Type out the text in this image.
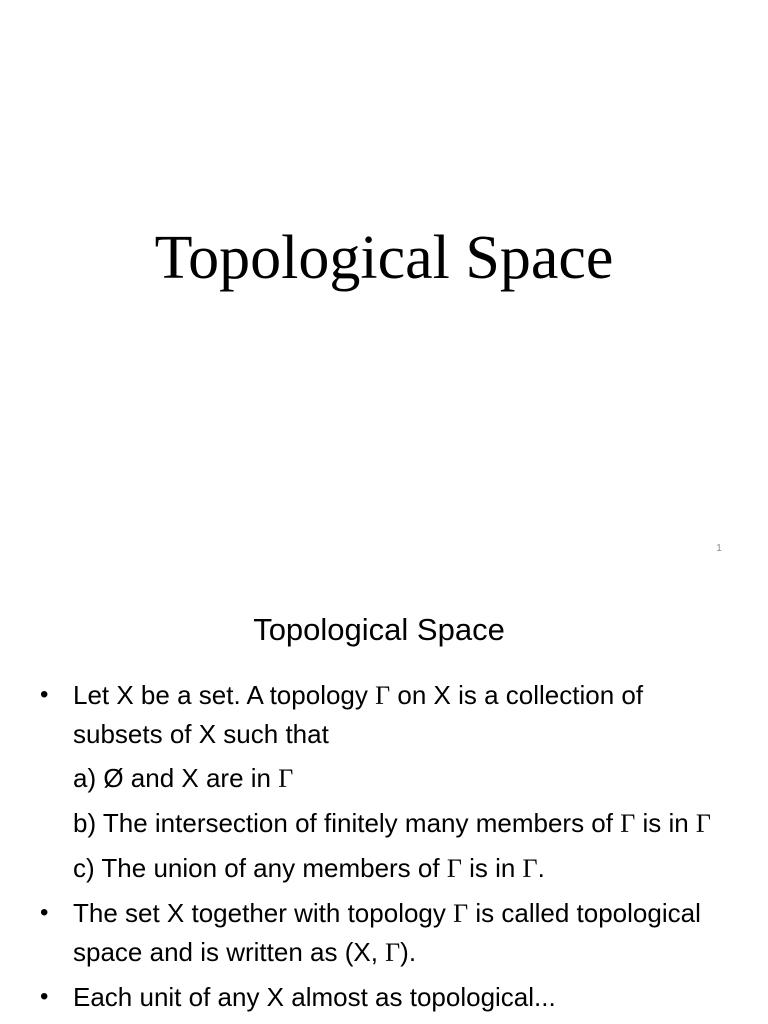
Topological Space
1
Topological Space
• Let X be a set. A topology Γ on X is a collection of subsets of X such that
a) Ø and X are in Γ
b) The intersection of finitely many members of Γ is in Γ
c) The union of any members of Γ is in Γ.
• The set X together with topology Γ is called topological space and is written as (X, Γ).
• Each unit of any X almost as topological...
